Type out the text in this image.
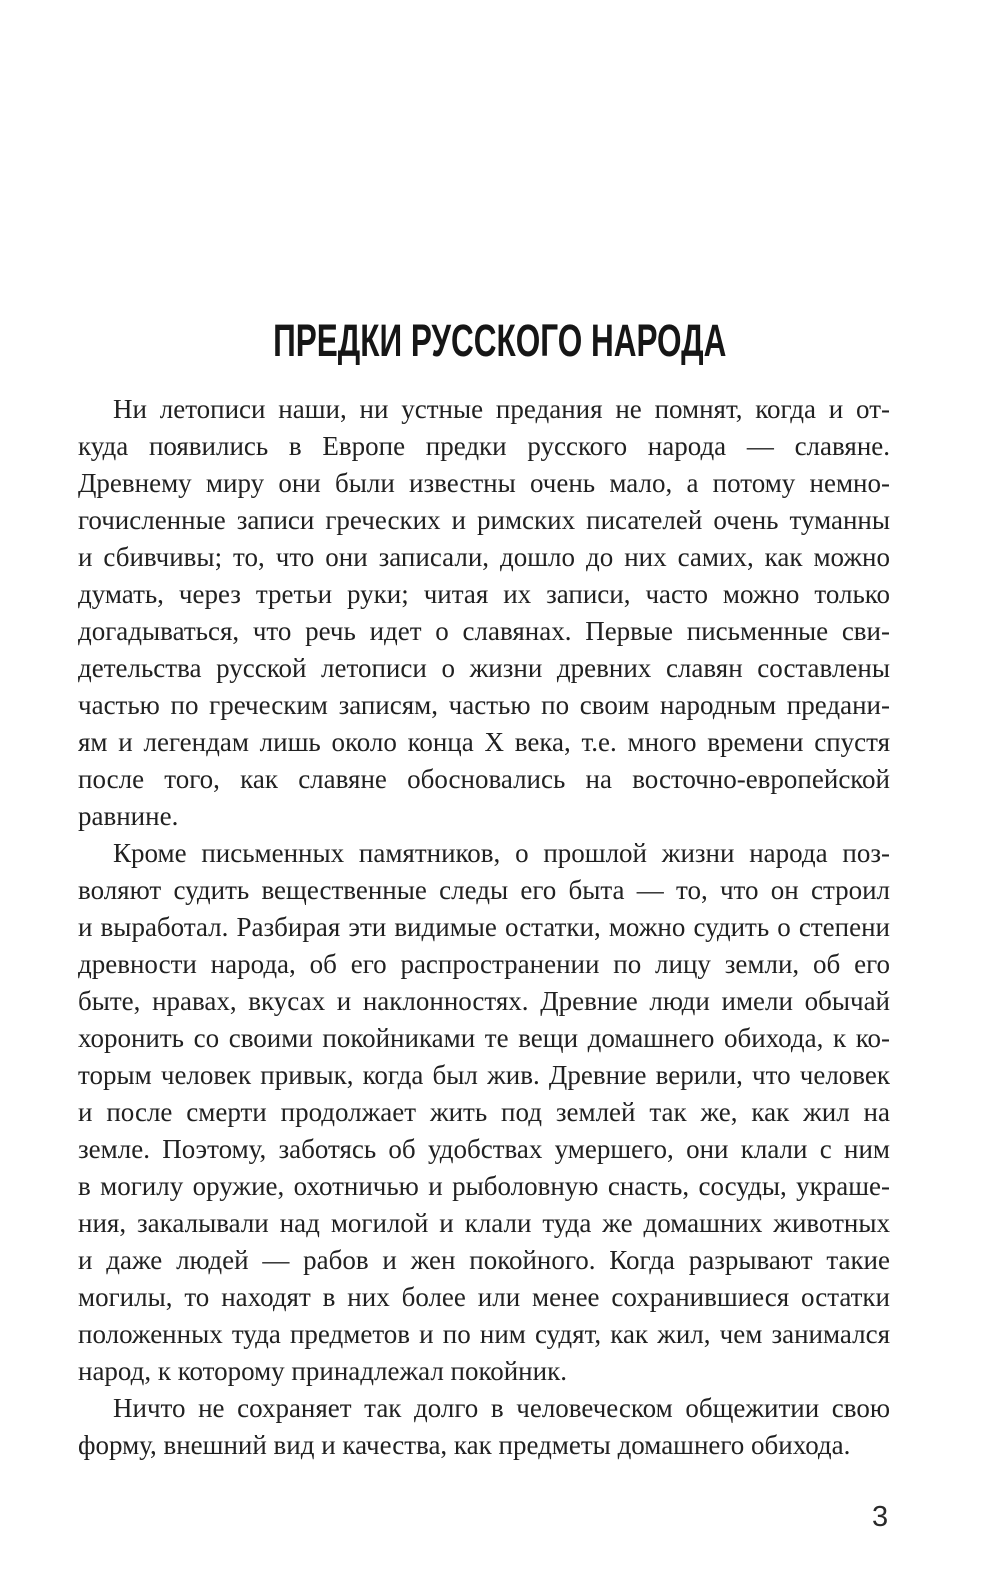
ПРЕДКИ РУССКОГО НАРОДА
Ни летописи наши, ни устные предания не помнят, когда и от-
куда появились в Европе предки русского народа — славяне.
Древнему миру они были известны очень мало, а потому немно-
гочисленные записи греческих и римских писателей очень туманны
и сбивчивы; то, что они записали, дошло до них самих, как можно
думать, через третьи руки; читая их записи, часто можно только
догадываться, что речь идет о славянах. Первые письменные сви-
детельства русской летописи о жизни древних славян составлены
частью по греческим записям, частью по своим народным предани-
ям и легендам лишь около конца X века, т.е. много времени спустя
после того, как славяне обосновались на восточно-европейской
равнине.
Кроме письменных памятников, о прошлой жизни народа поз-
воляют судить вещественные следы его быта — то, что он строил
и выработал. Разбирая эти видимые остатки, можно судить о степени
древности народа, об его распространении по лицу земли, об его
быте, нравах, вкусах и наклонностях. Древние люди имели обычай
хоронить со своими покойниками те вещи домашнего обихода, к ко-
торым человек привык, когда был жив. Древние верили, что человек
и после смерти продолжает жить под землей так же, как жил на
земле. Поэтому, заботясь об удобствах умершего, они клали с ним
в могилу оружие, охотничью и рыболовную снасть, сосуды, украше-
ния, закалывали над могилой и клали туда же домашних животных
и даже людей — рабов и жен покойного. Когда разрывают такие
могилы, то находят в них более или менее сохранившиеся остатки
положенных туда предметов и по ним судят, как жил, чем занимался
народ, к которому принадлежал покойник.
Ничто не сохраняет так долго в человеческом общежитии свою
форму, внешний вид и качества, как предметы домашнего обихода.
3
